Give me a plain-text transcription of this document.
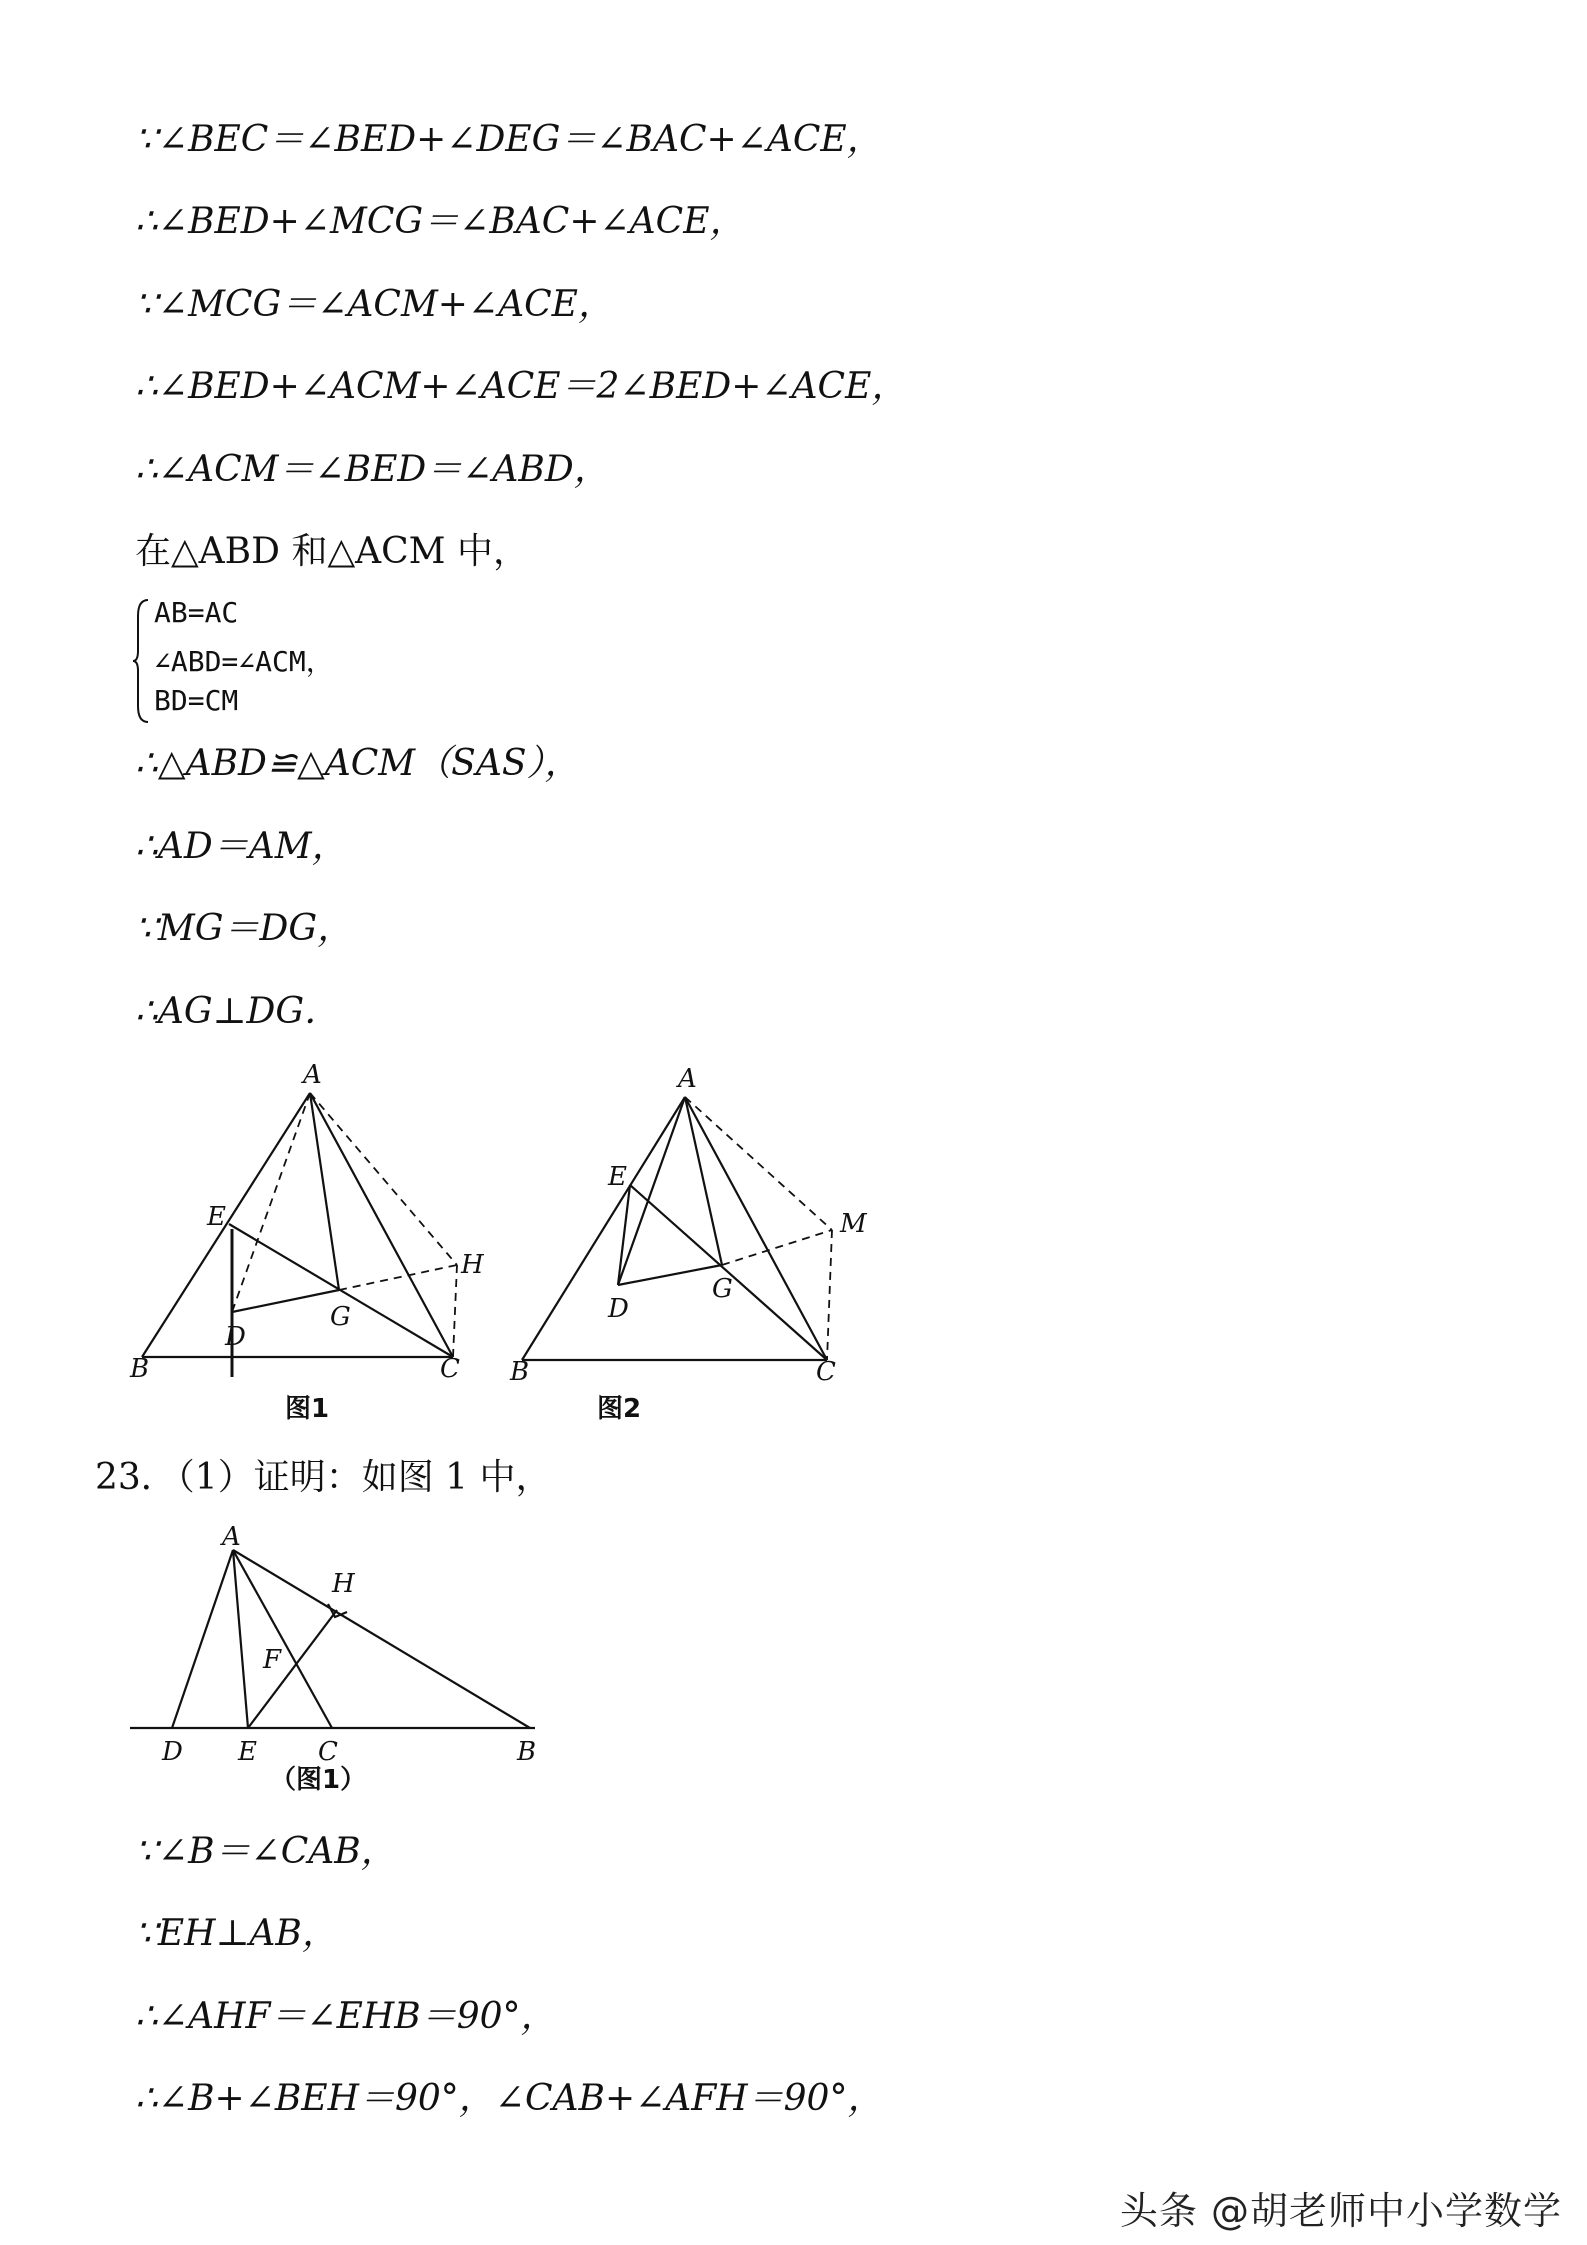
∵∠BEC＝∠BED+∠DEG＝∠BAC+∠ACE，
∴∠BED+∠MCG＝∠BAC+∠ACE，
∵∠MCG＝∠ACM+∠ACE，
∴∠BED+∠ACM+∠ACE＝2∠BED+∠ACE，
∴∠ACM＝∠BED＝∠ABD，
在△ABD 和△ACM 中，
AB=AC
∠ABD=∠ACM，
BD=CM
∴△ABD≌△ACM（SAS），
∴AD＝AM，
∵MG＝DG，
∴AG⊥DG．
A
E
H
G
D
B	C
图1
A
E
M
G
D
B	C
图2
23．（1）证明：如图 1 中，
A
H
F
D E C	B
（图1）
∵∠B＝∠CAB，
∵EH⊥AB，
∴∠AHF＝∠EHB＝90°，
∴∠B+∠BEH＝90°，∠CAB+∠AFH＝90°，
头条 @胡老师中小学数学
